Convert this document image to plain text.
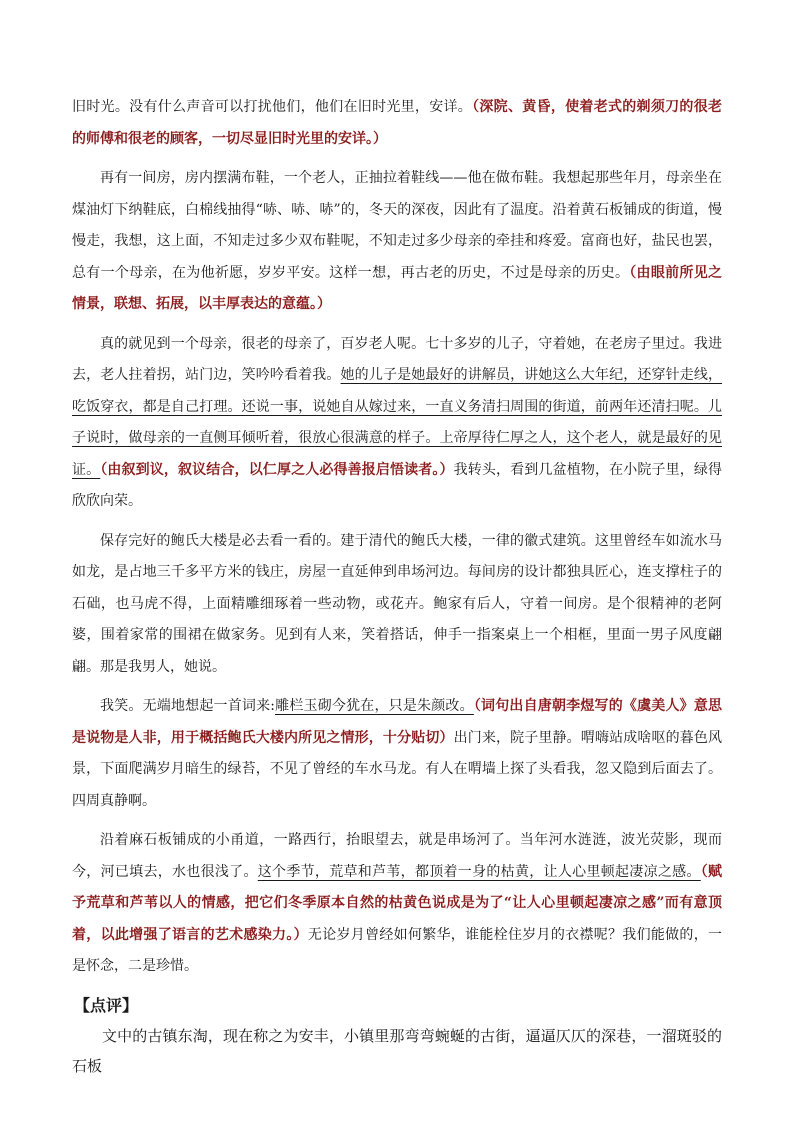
旧时光。没有什么声音可以打扰他们，他们在旧时光里，安详。（深院、黄昏，使着老式的剃须刀的很老的师傅和很老的顾客，一切尽显旧时光里的安详。）

再有一间房，房内摆满布鞋，一个老人，正抽拉着鞋线——他在做布鞋。我想起那些年月，母亲坐在煤油灯下纳鞋底，白棉线抽得“哧、哧、哧”的，冬天的深夜，因此有了温度。沿着黄石板铺成的街道，慢慢走，我想，这上面，不知走过多少双布鞋呢，不知走过多少母亲的牵挂和疼爱。富商也好，盐民也罢，总有一个母亲，在为他祈愿，岁岁平安。这样一想，再古老的历史，不过是母亲的历史。（由眼前所见之情景，联想、拓展，以丰厚表达的意蕴。）

真的就见到一个母亲，很老的母亲了，百岁老人呢。七十多岁的儿子，守着她，在老房子里过。我进去，老人拄着拐，站门边，笑吟吟看着我。她的儿子是她最好的讲解员，讲她这么大年纪，还穿针走线，吃饭穿衣，都是自己打理。还说一事，说她自从嫁过来，一直义务清扫周围的街道，前两年还清扫呢。儿子说时，做母亲的一直侧耳倾听着，很放心很满意的样子。上帝厚待仁厚之人，这个老人，就是最好的见证。（由叙到议，叙议结合，以仁厚之人必得善报启悟读者。）我转头，看到几盆植物，在小院子里，绿得欣欣向荣。

保存完好的鲍氏大楼是必去看一看的。建于清代的鲍氏大楼，一律的徽式建筑。这里曾经车如流水马如龙，是占地三千多平方米的钱庄，房屋一直延伸到串场河边。每间房的设计都独具匠心，连支撑柱子的石础，也马虎不得，上面精雕细琢着一些动物，或花卉。鲍家有后人，守着一间房。是个很精神的老阿婆，围着家常的围裙在做家务。见到有人来，笑着搭话，伸手一指案桌上一个相框，里面一男子风度翩翩。那是我男人，她说。

我笑。无端地想起一首词来:雕栏玉砌今犹在，只是朱颜改。（词句出自唐朝李煜写的《虞美人》意思是说物是人非，用于概括鲍氏大楼内所见之情形，十分贴切）出门来，院子里静。喟嗨站成啥呕的暮色风景，下面爬满岁月暗生的绿苔，不见了曾经的车水马龙。有人在喟墙上探了头看我，忽又隐到后面去了。四周真静啊。

沿着麻石板铺成的小甬道，一路西行，抬眼望去，就是串场河了。当年河水涟涟，波光荧影，现而今，河已填去，水也很浅了。这个季节，荒草和芦苇，都顶着一身的枯黄，让人心里顿起凄凉之感。（赋予荒草和芦苇以人的情感，把它们冬季原本自然的枯黄色说成是为了“让人心里顿起凄凉之感”而有意顶着，以此增强了语言的艺术感染力。）无论岁月曾经如何繁华，谁能栓住岁月的衣襟呢？我们能做的，一是怀念，二是珍惜。

【点评】

文中的古镇东淘，现在称之为安丰，小镇里那弯弯蜿蜒的古街，逼逼仄仄的深巷，一溜斑驳的石板
